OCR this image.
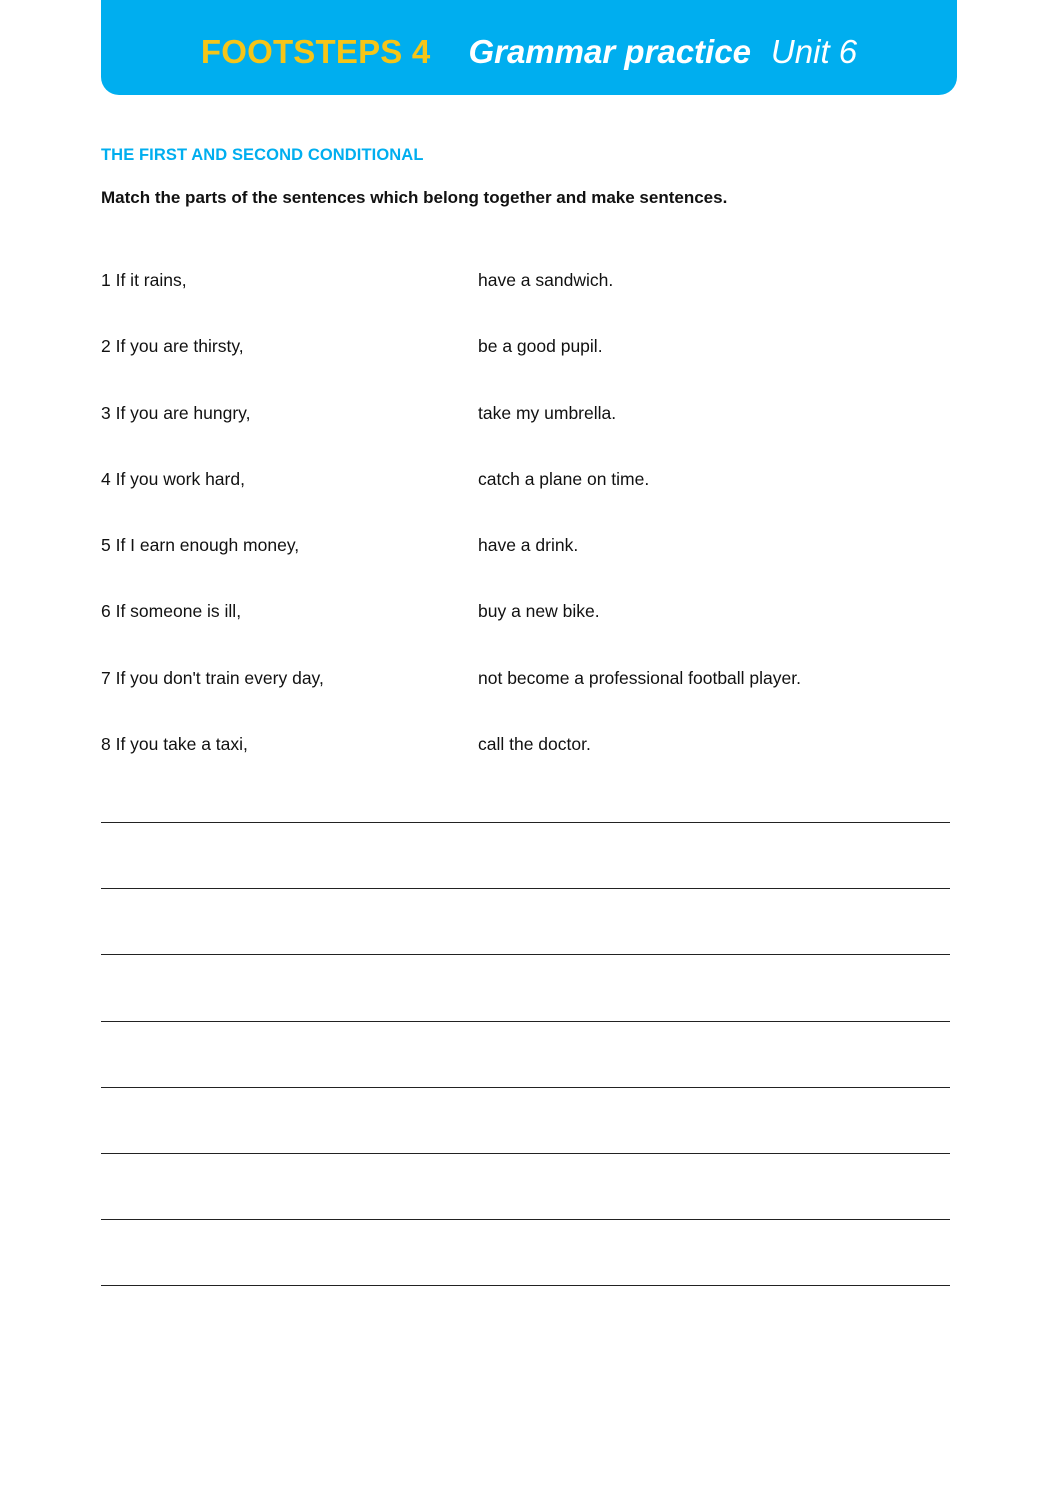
FOOTSTEPS 4 Grammar practice Unit 6
THE FIRST AND SECOND CONDITIONAL
Match the parts of the sentences which belong together and make sentences.
1 If it rains,	have a sandwich.
2 If you are thirsty,	be a good pupil.
3 If you are hungry,	take my umbrella.
4 If you work hard,	catch a plane on time.
5 If I earn enough money,	have a drink.
6 If someone is ill,	buy a new bike.
7 If you don't train every day,	not become a professional football player.
8 If you take a taxi,	call the doctor.
